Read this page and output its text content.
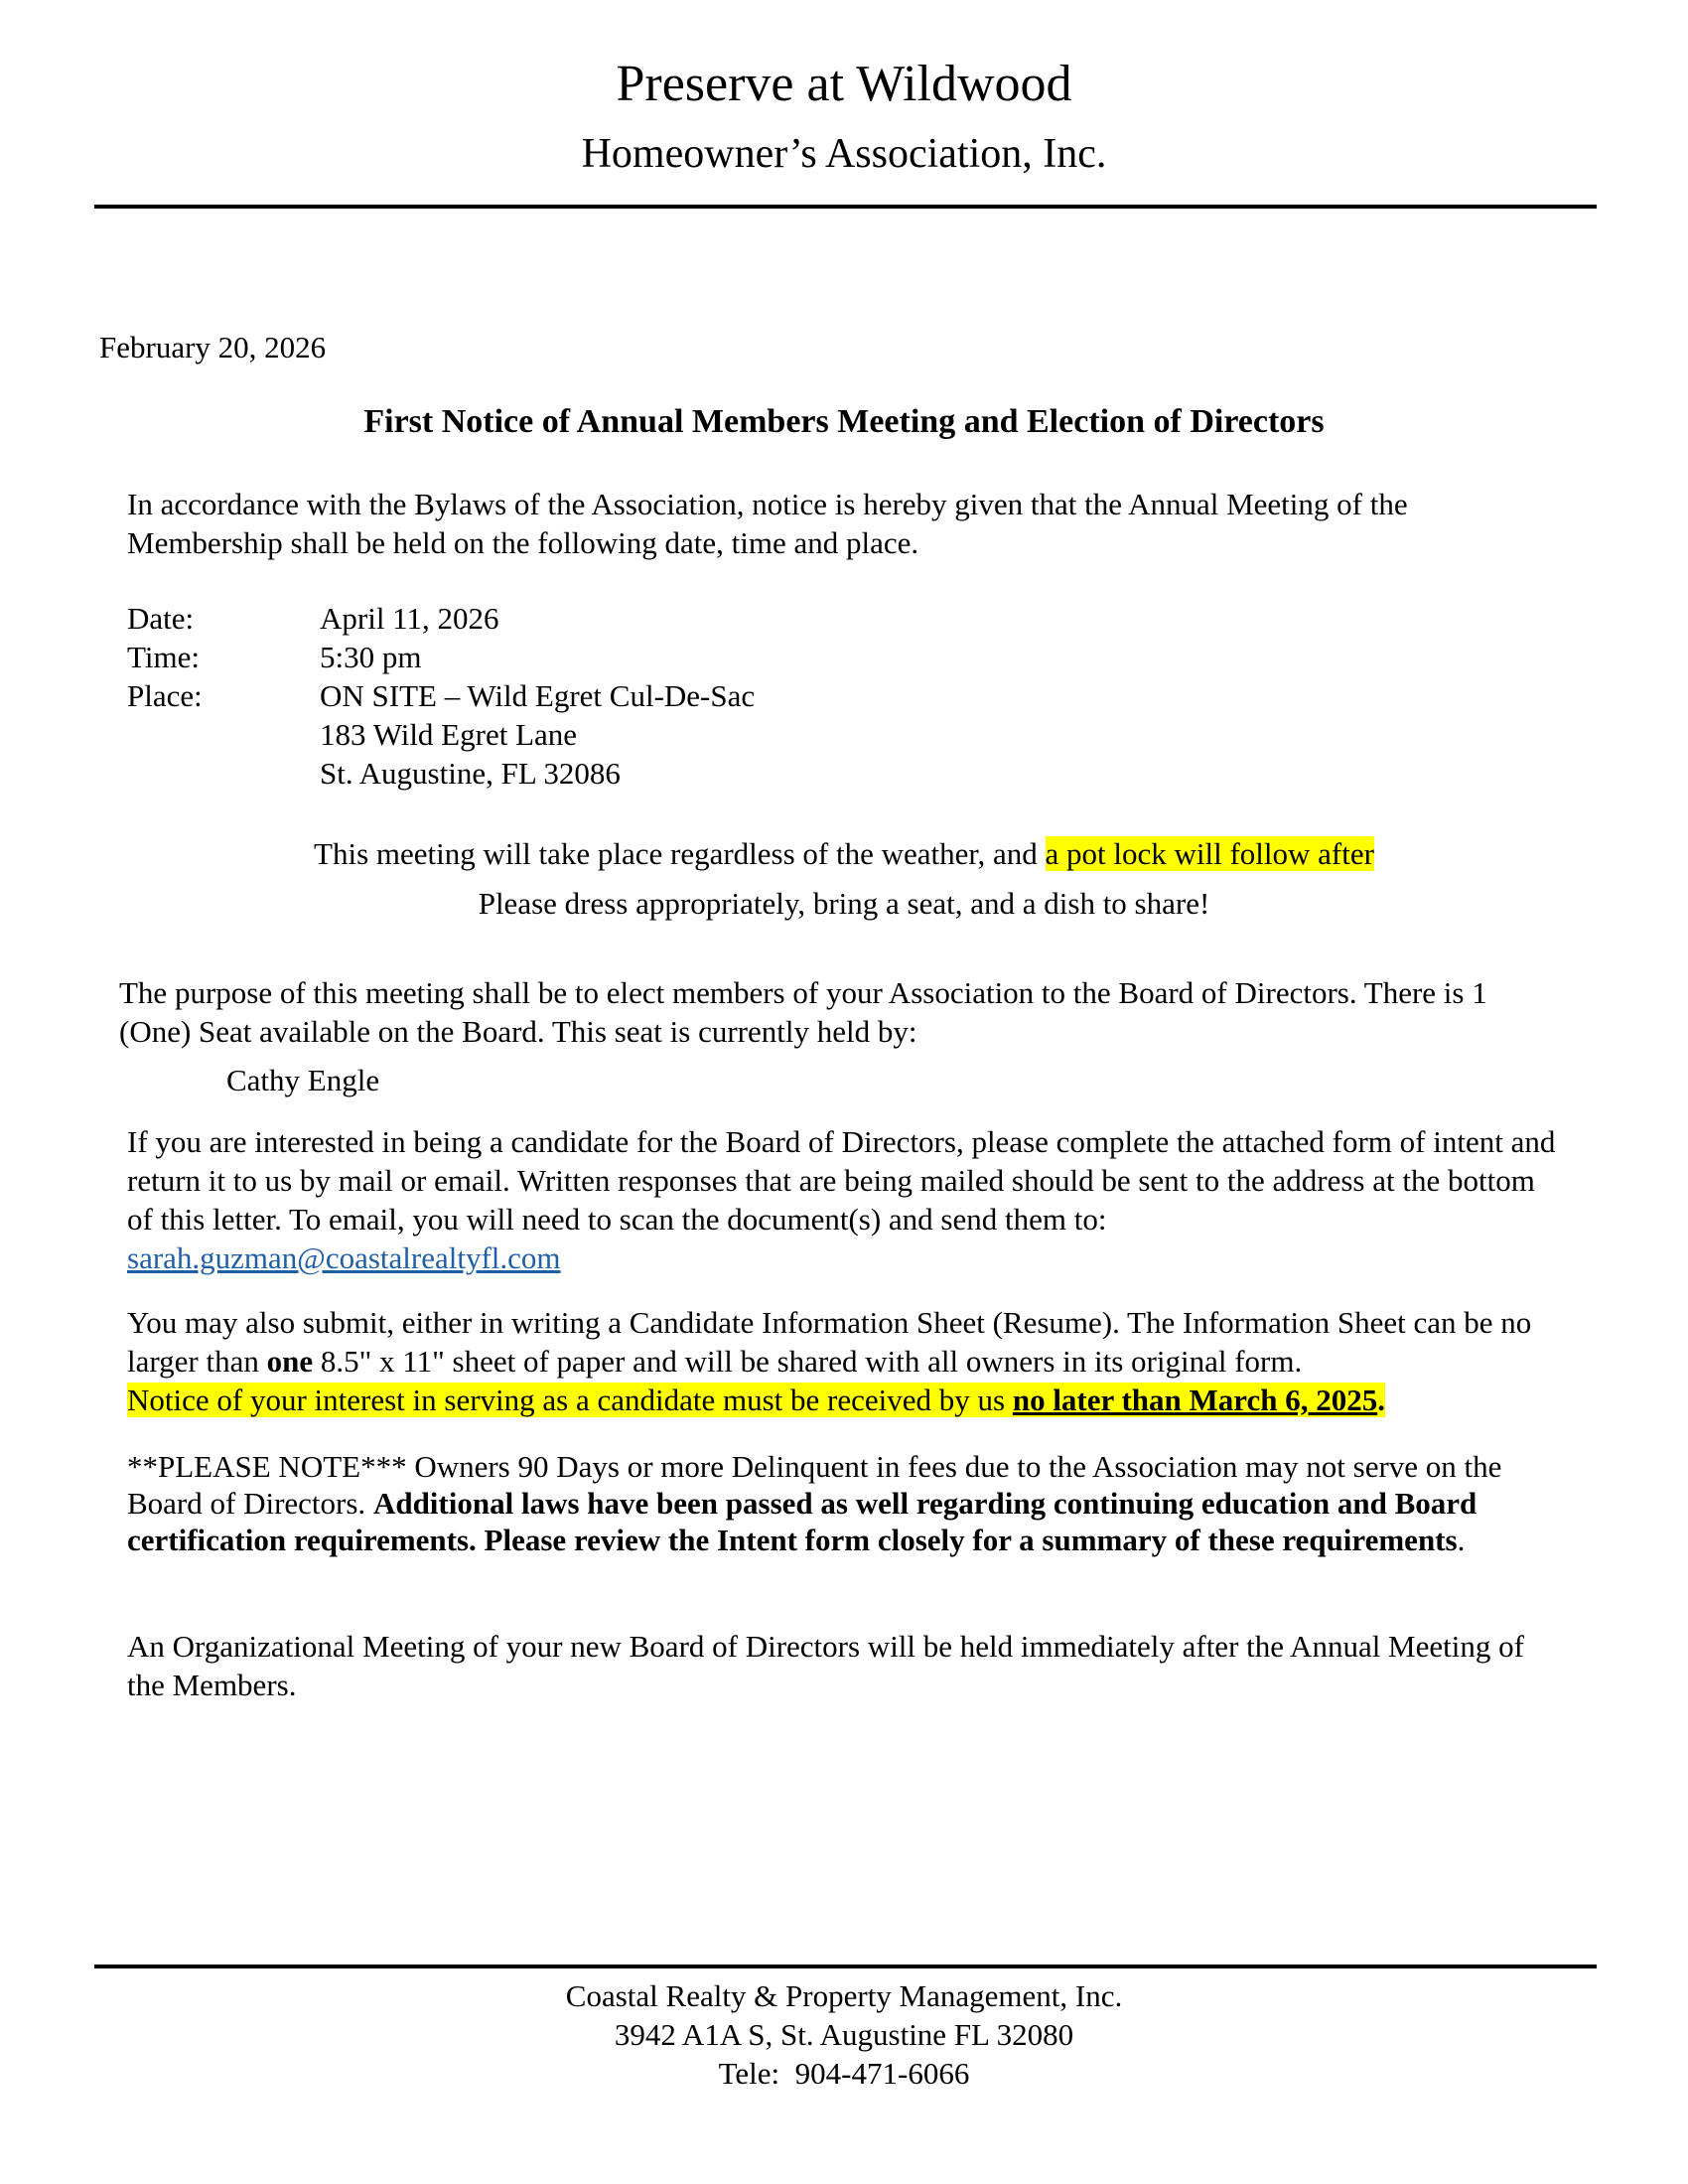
Preserve at Wildwood
Homeowner’s Association, Inc.
February 20, 2026
First Notice of Annual Members Meeting and Election of Directors
In accordance with the Bylaws of the Association, notice is hereby given that the Annual Meeting of the Membership shall be held on the following date, time and place.
Date:	April 11, 2026
Time:	5:30 pm
Place:	ON SITE – Wild Egret Cul-De-Sac
183 Wild Egret Lane
St. Augustine, FL 32086
This meeting will take place regardless of the weather, and a pot lock will follow after
Please dress appropriately, bring a seat, and a dish to share!
The purpose of this meeting shall be to elect members of your Association to the Board of Directors. There is 1 (One) Seat available on the Board. This seat is currently held by:
Cathy Engle
If you are interested in being a candidate for the Board of Directors, please complete the attached form of intent and return it to us by mail or email. Written responses that are being mailed should be sent to the address at the bottom of this letter. To email, you will need to scan the document(s) and send them to:
sarah.guzman@coastalrealtyfl.com
You may also submit, either in writing a Candidate Information Sheet (Resume). The Information Sheet can be no larger than one 8.5" x 11" sheet of paper and will be shared with all owners in its original form.
Notice of your interest in serving as a candidate must be received by us no later than March 6, 2025.
**PLEASE NOTE*** Owners 90 Days or more Delinquent in fees due to the Association may not serve on the Board of Directors. Additional laws have been passed as well regarding continuing education and Board certification requirements. Please review the Intent form closely for a summary of these requirements.
An Organizational Meeting of your new Board of Directors will be held immediately after the Annual Meeting of the Members.
Coastal Realty & Property Management, Inc.
3942 A1A S, St. Augustine FL 32080
Tele:  904-471-6066
